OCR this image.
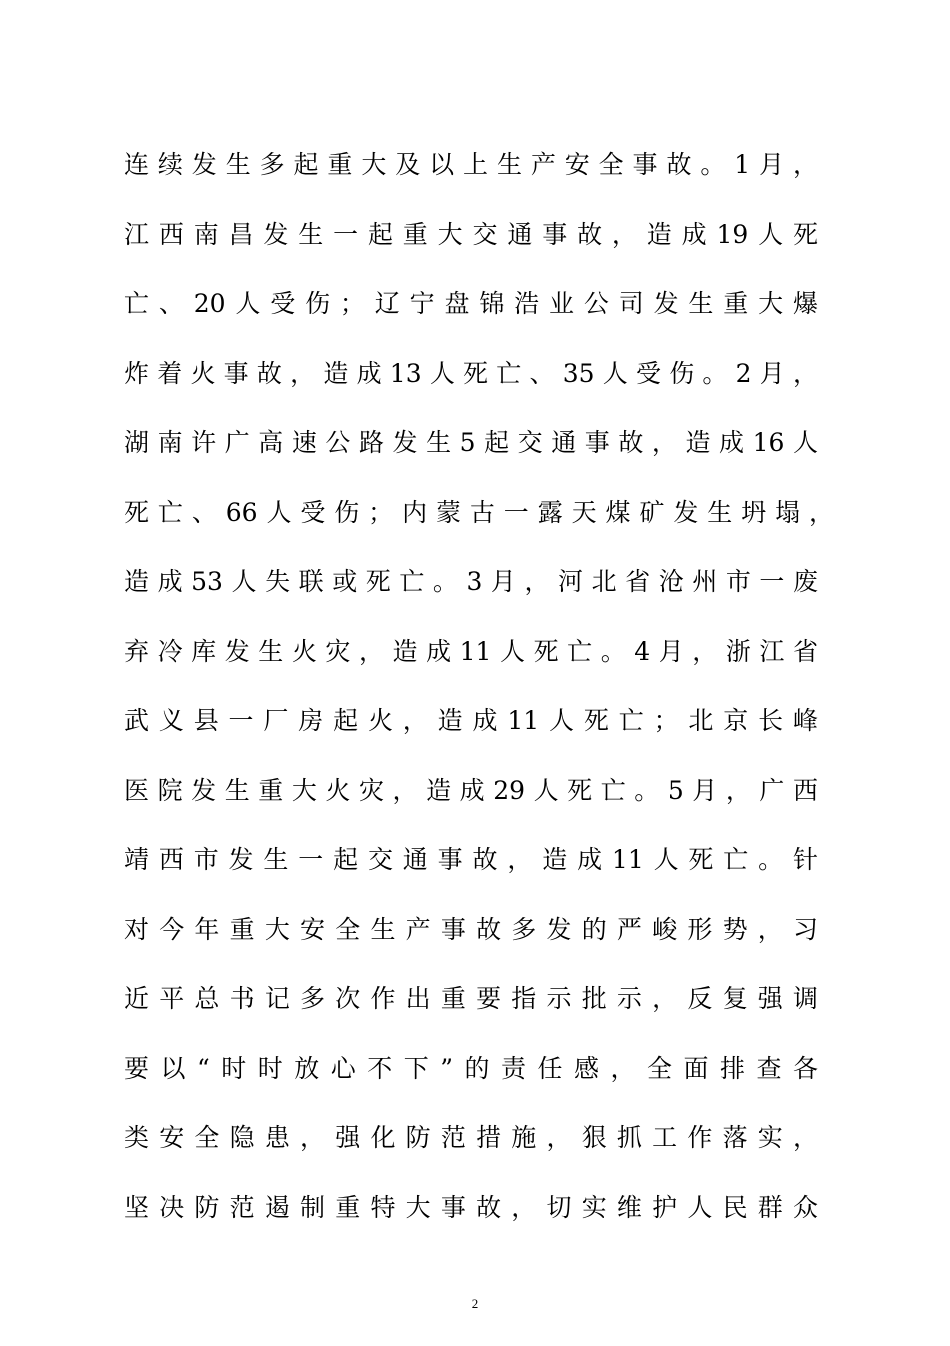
连续发生多起重大及以上生产安全事故。1月，
江西南昌发生一起重大交通事故，造成19人死
亡、20人受伤；辽宁盘锦浩业公司发生重大爆
炸着火事故，造成13人死亡、35人受伤。2月，
湖南许广高速公路发生5起交通事故，造成16人
死亡、66人受伤；内蒙古一露天煤矿发生坍塌，
造成53人失联或死亡。3月，河北省沧州市一废
弃冷库发生火灾，造成11人死亡。4月，浙江省
武义县一厂房起火，造成11人死亡；北京长峰
医院发生重大火灾，造成29人死亡。5月，广西
靖西市发生一起交通事故，造成11人死亡。针
对今年重大安全生产事故多发的严峻形势，习
近平总书记多次作出重要指示批示，反复强调
要以“时时放心不下”的责任感，全面排查各
类安全隐患，强化防范措施，狠抓工作落实，
坚决防范遏制重特大事故，切实维护人民群众
2
